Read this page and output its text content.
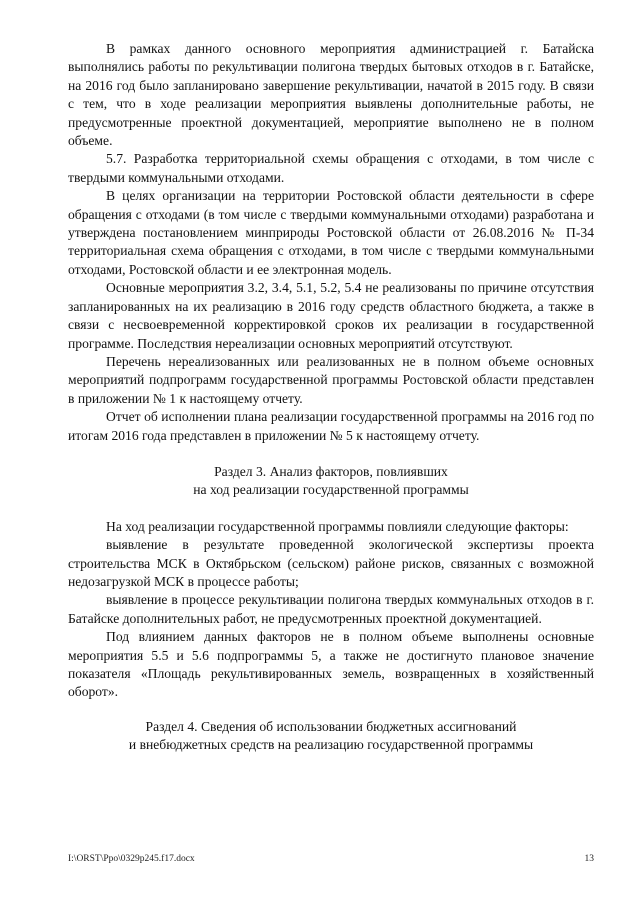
В рамках данного основного мероприятия администрацией г. Батайска выполнялись работы по рекультивации полигона твердых бытовых отходов в г. Батайске, на 2016 год было запланировано завершение рекультивации, начатой в 2015 году. В связи с тем, что в ходе реализации мероприятия выявлены дополнительные работы, не предусмотренные проектной документацией, мероприятие выполнено не в полном объеме.

5.7. Разработка территориальной схемы обращения с отходами, в том числе с твердыми коммунальными отходами.

В целях организации на территории Ростовской области деятельности в сфере обращения с отходами (в том числе с твердыми коммунальными отходами) разработана и утверждена постановлением минприроды Ростовской области от 26.08.2016 № П-34 территориальная схема обращения с отходами, в том числе с твердыми коммунальными отходами, Ростовской области и ее электронная модель.

Основные мероприятия 3.2, 3.4, 5.1, 5.2, 5.4 не реализованы по причине отсутствия запланированных на их реализацию в 2016 году средств областного бюджета, а также в связи с несвоевременной корректировкой сроков их реализации в государственной программе. Последствия нереализации основных мероприятий отсутствуют.

Перечень нереализованных или реализованных не в полном объеме основных мероприятий подпрограмм государственной программы Ростовской области представлен в приложении № 1 к настоящему отчету.

Отчет об исполнении плана реализации государственной программы на 2016 год по итогам 2016 года представлен в приложении № 5 к настоящему отчету.

Раздел 3. Анализ факторов, повлиявших

на ход реализации государственной программы

На ход реализации государственной программы повлияли следующие факторы:

выявление в результате проведенной экологической экспертизы проекта строительства МСК в Октябрьском (сельском) районе рисков, связанных с возможной недозагрузкой МСК в процессе работы;

выявление в процессе рекультивации полигона твердых коммунальных отходов в г. Батайске дополнительных работ, не предусмотренных проектной документацией.

Под влиянием данных факторов не в полном объеме выполнены основные мероприятия 5.5 и 5.6 подпрограммы 5, а также не достигнуто плановое значение показателя «Площадь рекультивированных земель, возвращенных в хозяйственный оборот».

Раздел 4. Сведения об использовании бюджетных ассигнований

и внебюджетных средств на реализацию государственной программы

I:\ORST\Ppo\0329p245.f17.docx	13
